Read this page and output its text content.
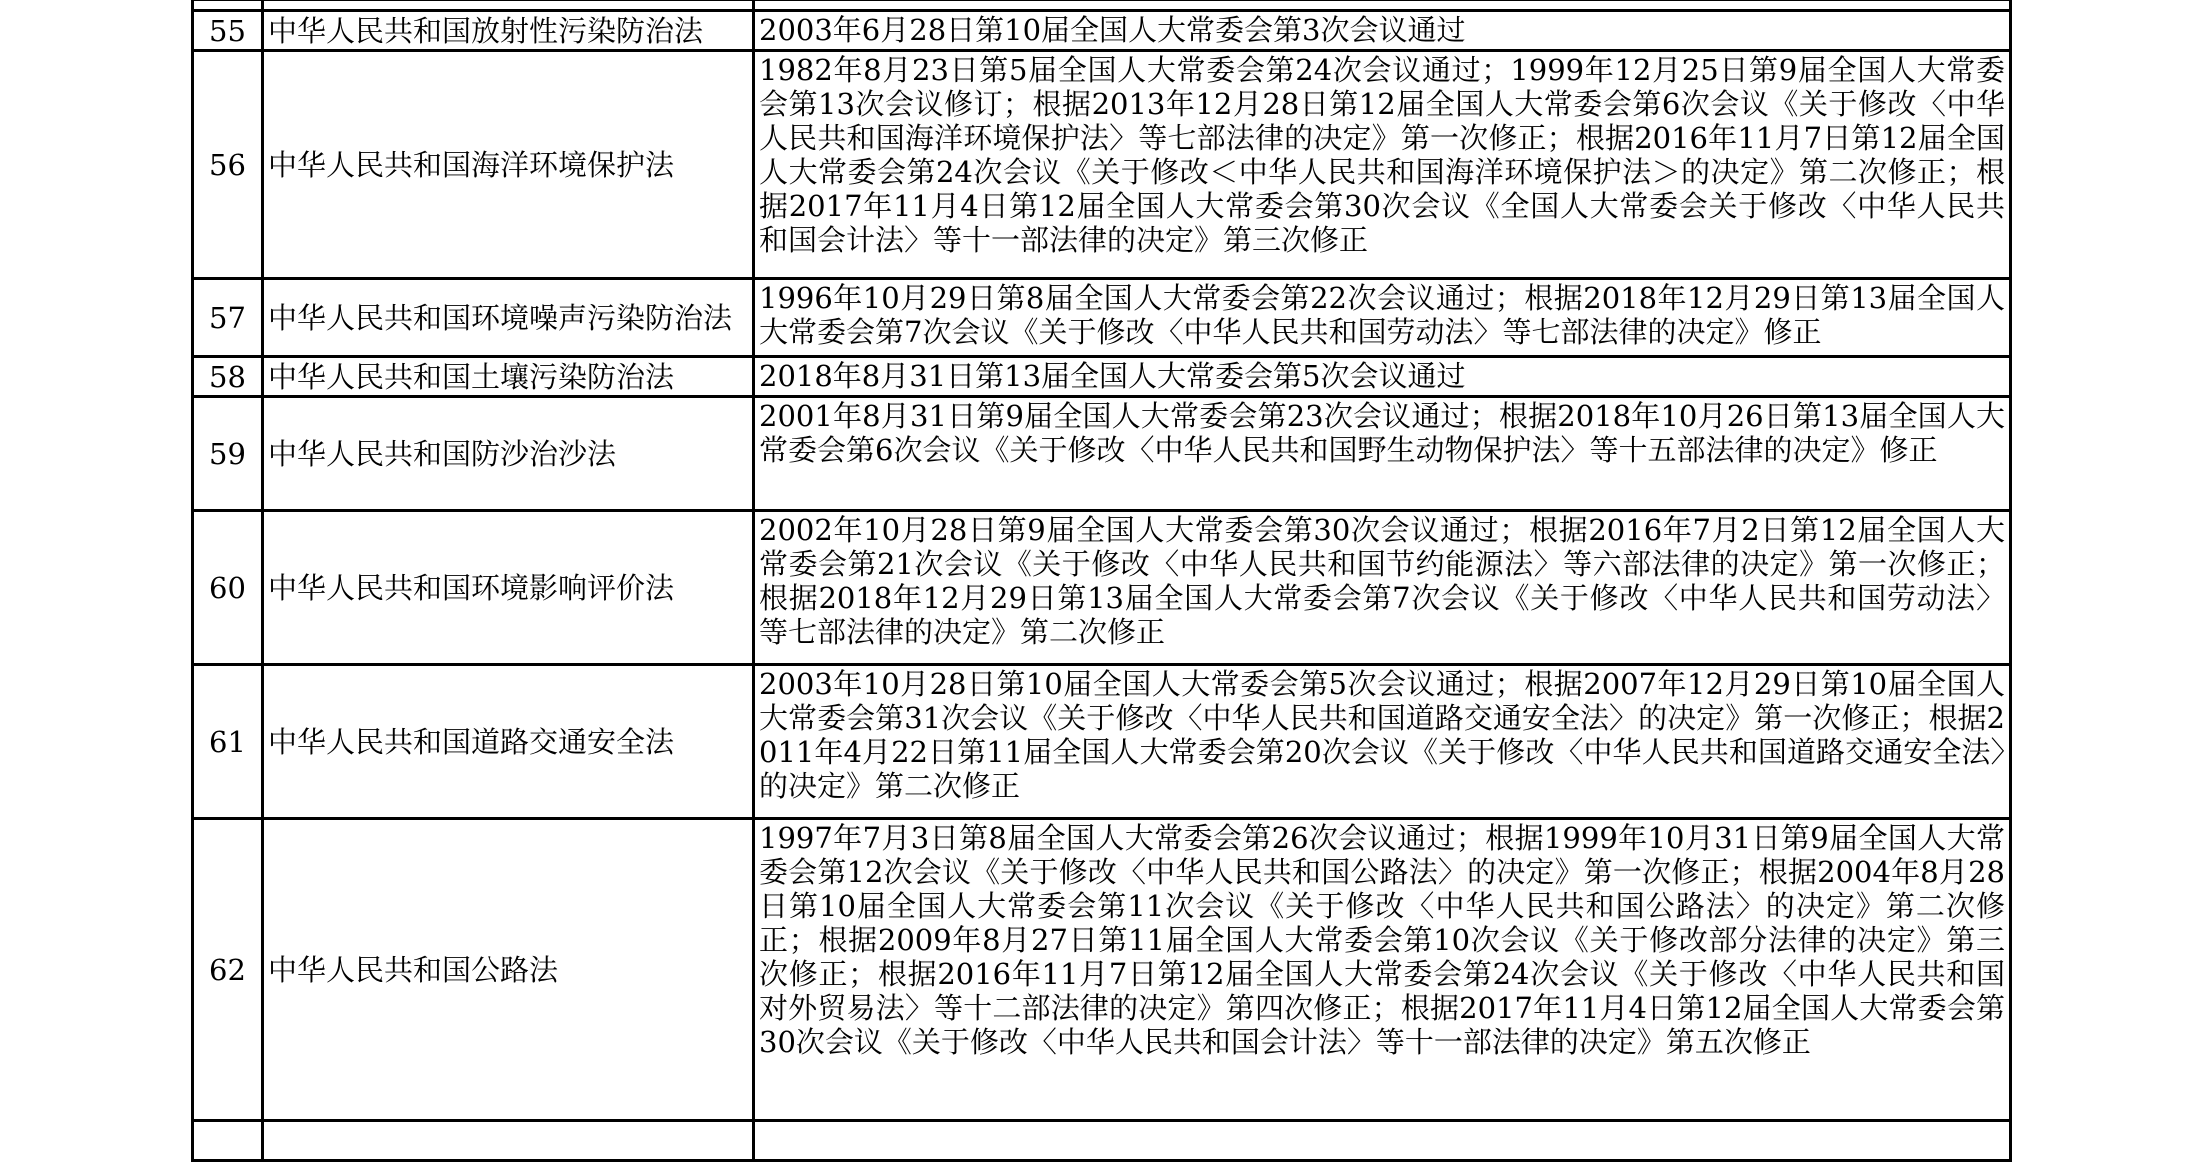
55	中华人民共和国放射性污染防治法	2003年6月28日第10届全国人大常委会第3次会议通过
56	中华人民共和国海洋环境保护法	1982年8月23日第5届全国人大常委会第24次会议通过；1999年12月25日第9届全国人大常委会第13次会议修订；根据2013年12月28日第12届全国人大常委会第6次会议《关于修改〈中华人民共和国海洋环境保护法〉等七部法律的决定》第一次修正；根据2016年11月7日第12届全国人大常委会第24次会议《关于修改＜中华人民共和国海洋环境保护法＞的决定》第二次修正；根据2017年11月4日第12届全国人大常委会第30次会议《全国人大常委会关于修改〈中华人民共和国会计法〉等十一部法律的决定》第三次修正
57	中华人民共和国环境噪声污染防治法	1996年10月29日第8届全国人大常委会第22次会议通过；根据2018年12月29日第13届全国人大常委会第7次会议《关于修改〈中华人民共和国劳动法〉等七部法律的决定》修正
58	中华人民共和国土壤污染防治法	2018年8月31日第13届全国人大常委会第5次会议通过
59	中华人民共和国防沙治沙法	2001年8月31日第9届全国人大常委会第23次会议通过；根据2018年10月26日第13届全国人大常委会第6次会议《关于修改〈中华人民共和国野生动物保护法〉等十五部法律的决定》修正
60	中华人民共和国环境影响评价法	2002年10月28日第9届全国人大常委会第30次会议通过；根据2016年7月2日第12届全国人大常委会第21次会议《关于修改〈中华人民共和国节约能源法〉等六部法律的决定》第一次修正；根据2018年12月29日第13届全国人大常委会第7次会议《关于修改〈中华人民共和国劳动法〉等七部法律的决定》第二次修正
61	中华人民共和国道路交通安全法	2003年10月28日第10届全国人大常委会第5次会议通过；根据2007年12月29日第10届全国人大常委会第31次会议《关于修改〈中华人民共和国道路交通安全法〉的决定》第一次修正；根据2011年4月22日第11届全国人大常委会第20次会议《关于修改〈中华人民共和国道路交通安全法〉的决定》第二次修正
62	中华人民共和国公路法	1997年7月3日第8届全国人大常委会第26次会议通过；根据1999年10月31日第9届全国人大常委会第12次会议《关于修改〈中华人民共和国公路法〉的决定》第一次修正；根据2004年8月28日第10届全国人大常委会第11次会议《关于修改〈中华人民共和国公路法〉的决定》第二次修正；根据2009年8月27日第11届全国人大常委会第10次会议《关于修改部分法律的决定》第三次修正；根据2016年11月7日第12届全国人大常委会第24次会议《关于修改〈中华人民共和国对外贸易法〉等十二部法律的决定》第四次修正；根据2017年11月4日第12届全国人大常委会第30次会议《关于修改〈中华人民共和国会计法〉等十一部法律的决定》第五次修正
